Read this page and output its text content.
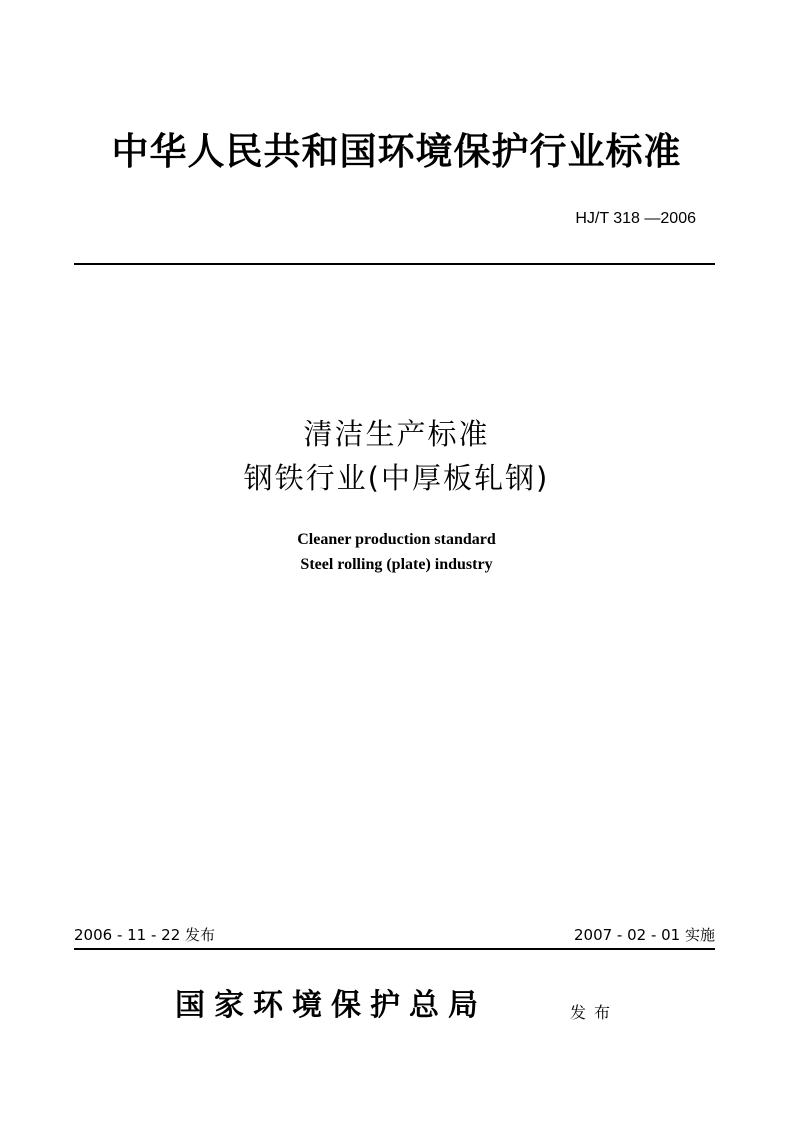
中华人民共和国环境保护行业标准
HJ/T 318 —2006
清洁生产标准
钢铁行业(中厚板轧钢)
Cleaner production standard
Steel rolling (plate) industry
2006 - 11 - 22 发布	2007 - 02 - 01 实施
国家环境保护总局	发布
